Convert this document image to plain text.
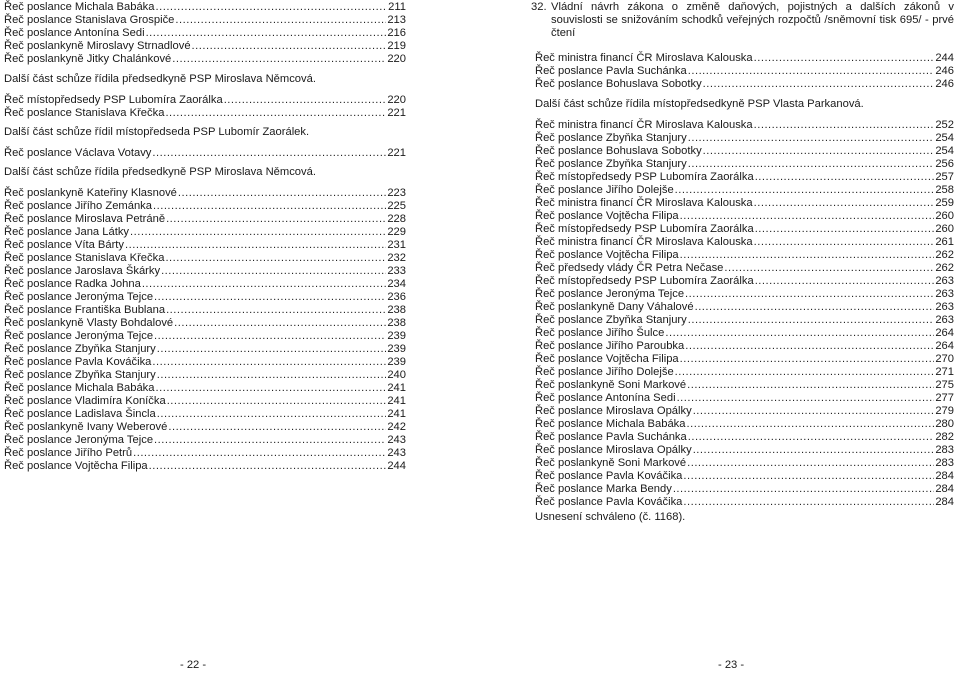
Řeč poslance Michala Babáka .....	211
Řeč poslance Stanislava Grospiče .....	213
Řeč poslance Antonína Sedi .....	216
Řeč poslankyně Miroslavy Strnadlové .....	219
Řeč poslankyně Jitky Chalánkové .....	220
Další část schůze řídila předsedkyně PSP Miroslava Němcová.
Řeč místopředsedy PSP Lubomíra Zaorálka .....	220
Řeč poslance Stanislava Křečka .....	221
Další část schůze řídil místopředseda PSP Lubomír Zaorálek.
Řeč poslance Václava Votavy .....	221
Další část schůze řídila předsedkyně PSP Miroslava Němcová.
Řeč poslankyně Kateřiny Klasnové .....	223
Řeč poslance Jiřího Zemánka .....	225
Řeč poslance Miroslava Petráně .....	228
Řeč poslance Jana Látky .....	229
Řeč poslance Víta Bárty .....	231
Řeč poslance Stanislava Křečka .....	232
Řeč poslance Jaroslava Škárky .....	233
Řeč poslance Radka Johna .....	234
Řeč poslance Jeronýma Tejce .....	236
Řeč poslance Františka Bublana .....	238
Řeč poslankyně Vlasty Bohdalové .....	238
Řeč poslance Jeronýma Tejce .....	239
Řeč poslance Zbyňka Stanjury .....	239
Řeč poslance Pavla Kováčika .....	239
Řeč poslance Zbyňka Stanjury .....	240
Řeč poslance Michala Babáka .....	241
Řeč poslance Vladimíra Koníčka .....	241
Řeč poslance Ladislava Šincla .....	241
Řeč poslankyně Ivany Weberové .....	242
Řeč poslance Jeronýma Tejce .....	243
Řeč poslance Jiřího Petrů .....	243
Řeč poslance Vojtěcha Filipa .....	244
32. Vládní návrh zákona o změně daňových, pojistných a dalších zákonů v souvislosti se snižováním schodků veřejných rozpočtů /sněmovní tisk 695/ - prvé čtení
Řeč ministra financí ČR Miroslava Kalouska .....	244
Řeč poslance Pavla Suchánka .....	246
Řeč poslance Bohuslava Sobotky .....	246
Další část schůze řídila místopředsedkyně PSP Vlasta Parkanová.
Řeč ministra financí ČR Miroslava Kalouska .....	252
Řeč poslance Zbyňka Stanjury .....	254
Řeč poslance Bohuslava Sobotky .....	254
Řeč poslance Zbyňka Stanjury .....	256
Řeč místopředsedy PSP Lubomíra Zaorálka .....	257
Řeč poslance Jiřího Dolejše .....	258
Řeč ministra financí ČR Miroslava Kalouska .....	259
Řeč poslance Vojtěcha Filipa .....	260
Řeč místopředsedy PSP Lubomíra Zaorálka .....	260
Řeč ministra financí ČR Miroslava Kalouska .....	261
Řeč poslance Vojtěcha Filipa .....	262
Řeč předsedy vlády ČR Petra Nečase .....	262
Řeč místopředsedy PSP Lubomíra Zaorálka .....	263
Řeč poslance Jeronýma Tejce .....	263
Řeč poslankyně Dany Váhalové .....	263
Řeč poslance Zbyňka Stanjury .....	263
Řeč poslance Jiřího Šulce .....	264
Řeč poslance Jiřího Paroubka .....	264
Řeč poslance Vojtěcha Filipa .....	270
Řeč poslance Jiřího Dolejše .....	271
Řeč poslankyně Soni Markové .....	275
Řeč poslance Antonína Sedi .....	277
Řeč poslance Miroslava Opálky .....	279
Řeč poslance Michala Babáka .....	280
Řeč poslance Pavla Suchánka .....	282
Řeč poslance Miroslava Opálky .....	283
Řeč poslankyně Soni Markové .....	283
Řeč poslance Pavla Kováčika .....	284
Řeč poslance Marka Bendy .....	284
Řeč poslance Pavla Kováčika .....	284
Usnesení schváleno (č. 1168).
- 22 -	- 23 -
